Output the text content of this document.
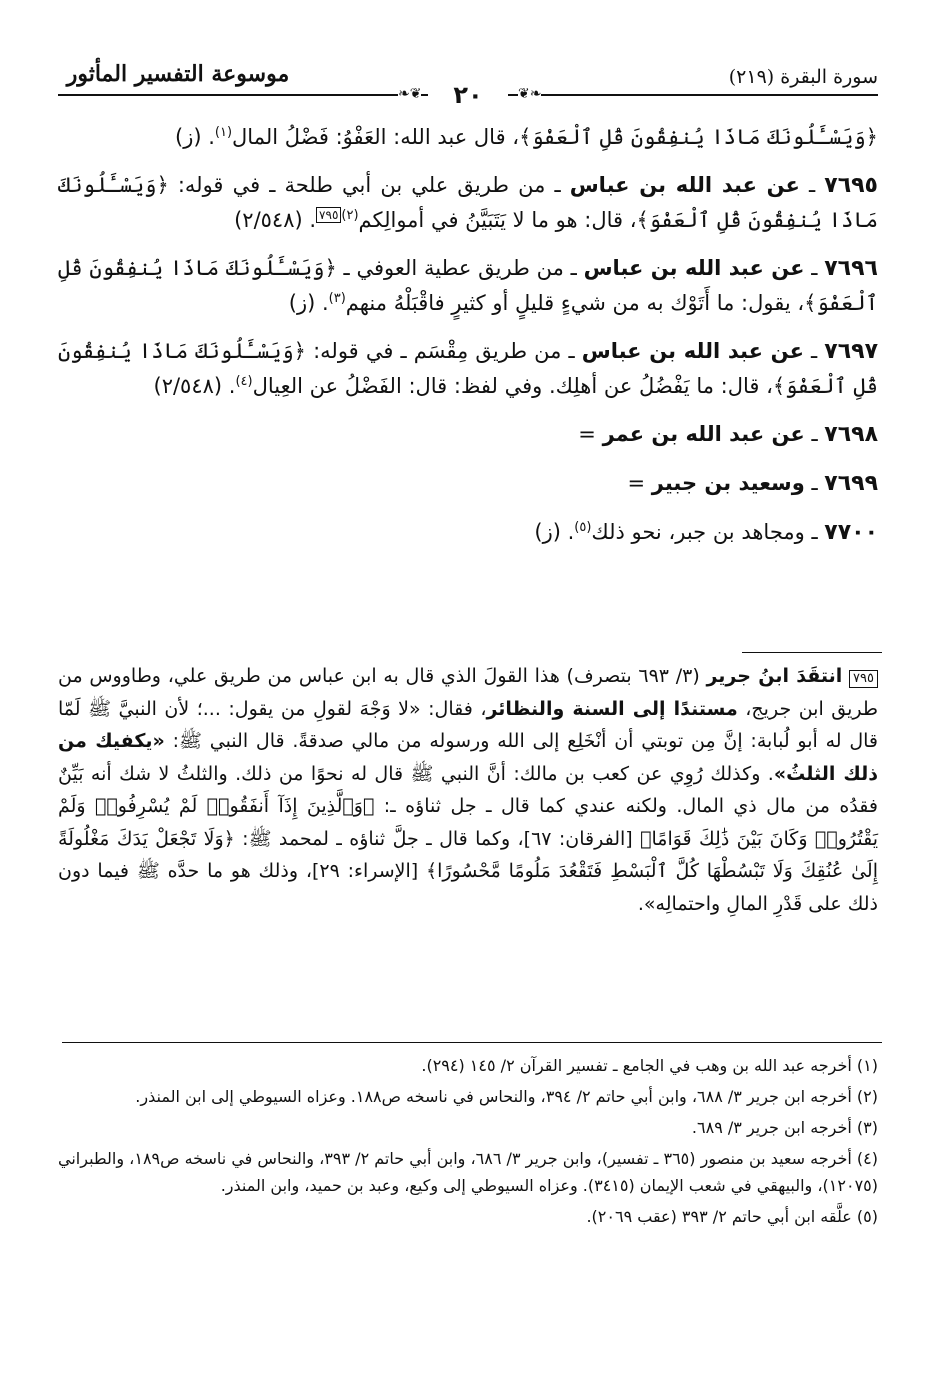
موسوعة التفسير المأثور	سورة البقرة (٢١٩)
❧❦
٢٠
❦❧

﴿وَيَسْـَٔلُونَكَ مَاذَا يُنفِقُونَ قُلِ ٱلْعَفْوَ﴾، قال عبد الله: العَفْوُ: فَضْلُ المال$^{(١)}$. (ز)

٧٦٩٥ ـ عن عبد الله بن عباس ـ من طريق علي بن أبي طلحة ـ في قوله: ﴿وَيَسْـَٔلُونَكَ مَاذَا يُنفِقُونَ قُلِ ٱلْعَفْوَ﴾، قال: هو ما لا يَتَبَيَّنُ في أموالِكم$^{(٢)}$٧٩٥. (٢/٥٤٨)

٧٦٩٦ ـ عن عبد الله بن عباس ـ من طريق عطية العوفي ـ ﴿وَيَسْـَٔلُونَكَ مَاذَا يُنفِقُونَ قُلِ ٱلْعَفْوَ﴾، يقول: ما أَتَوْك به من شيءٍ قليلٍ أو كثيرٍ فاقْبَلْهُ منهم$^{(٣)}$. (ز)

٧٦٩٧ ـ عن عبد الله بن عباس ـ من طريق مِقْسَم ـ في قوله: ﴿وَيَسْـَٔلُونَكَ مَاذَا يُنفِقُونَ قُلِ ٱلْعَفْوَ﴾، قال: ما يَفْضُلُ عن أهلِك. وفي لفظ: قال: الفَضْلُ عن العِيال$^{(٤)}$. (٢/٥٤٨)

٧٦٩٨ ـ عن عبد الله بن عمر =

٧٦٩٩ ـ وسعيد بن جبير =

٧٧٠٠ ـ ومجاهد بن جبر، نحو ذلك$^{(٥)}$. (ز)

٧٩٥ انتقَدَ ابنُ جرير (٣/ ٦٩٣ بتصرف) هذا القولَ الذي قال به ابن عباس من طريق علي، وطاووس من طريق ابن جريج، مستندًا إلى السنة والنظائر، فقال: «لا وَجْهَ لقولِ من يقول: ...؛ لأن النبيَّ ﷺ لَمّا قال له أبو لُبابة: إنَّ مِن توبتي أن أنْخَلِع إلى الله ورسوله من مالي صدقةً. قال النبي ﷺ: «يكفيك من ذلك الثلثُ». وكذلك رُوِي عن كعب بن مالك: أنَّ النبي ﷺ قال له نحوًا من ذلك. والثلثُ لا شك أنه بَيِّنٌ فقدُه من مال ذي المال. ولكنه عندي كما قال ـ جل ثناؤه ـ: ﴿وَٱلَّذِينَ إِذَآ أَنفَقُوا۟ لَمْ يُسْرِفُوا۟ وَلَمْ يَقْتُرُوا۟ وَكَانَ بَيْنَ ذَٰلِكَ قَوَامًا﴾ [الفرقان: ٦٧]، وكما قال ـ جلَّ ثناؤه ـ لمحمد ﷺ: ﴿وَلَا تَجْعَلْ يَدَكَ مَغْلُولَةً إِلَىٰ عُنُقِكَ وَلَا تَبْسُطْهَا كُلَّ ٱلْبَسْطِ فَتَقْعُدَ مَلُومًا مَّحْسُورًا﴾ [الإسراء: ٢٩]، وذلك هو ما حدَّه ﷺ فيما دون ذلك على قَدْرِ المالِ واحتمالِه».

(١) أخرجه عبد الله بن وهب في الجامع ـ تفسير القرآن ٢/ ١٤٥ (٢٩٤).

(٢) أخرجه ابن جرير ٣/ ٦٨٨، وابن أبي حاتم ٢/ ٣٩٤، والنحاس في ناسخه ص١٨٨. وعزاه السيوطي إلى ابن المنذر.

(٣) أخرجه ابن جرير ٣/ ٦٨٩.

(٤) أخرجه سعيد بن منصور (٣٦٥ ـ تفسير)، وابن جرير ٣/ ٦٨٦، وابن أبي حاتم ٢/ ٣٩٣، والنحاس في ناسخه ص١٨٩، والطبراني (١٢٠٧٥)، والبيهقي في شعب الإيمان (٣٤١٥). وعزاه السيوطي إلى وكيع، وعبد بن حميد، وابن المنذر.

(٥) علَّقه ابن أبي حاتم ٢/ ٣٩٣ (عقب ٢٠٦٩).
